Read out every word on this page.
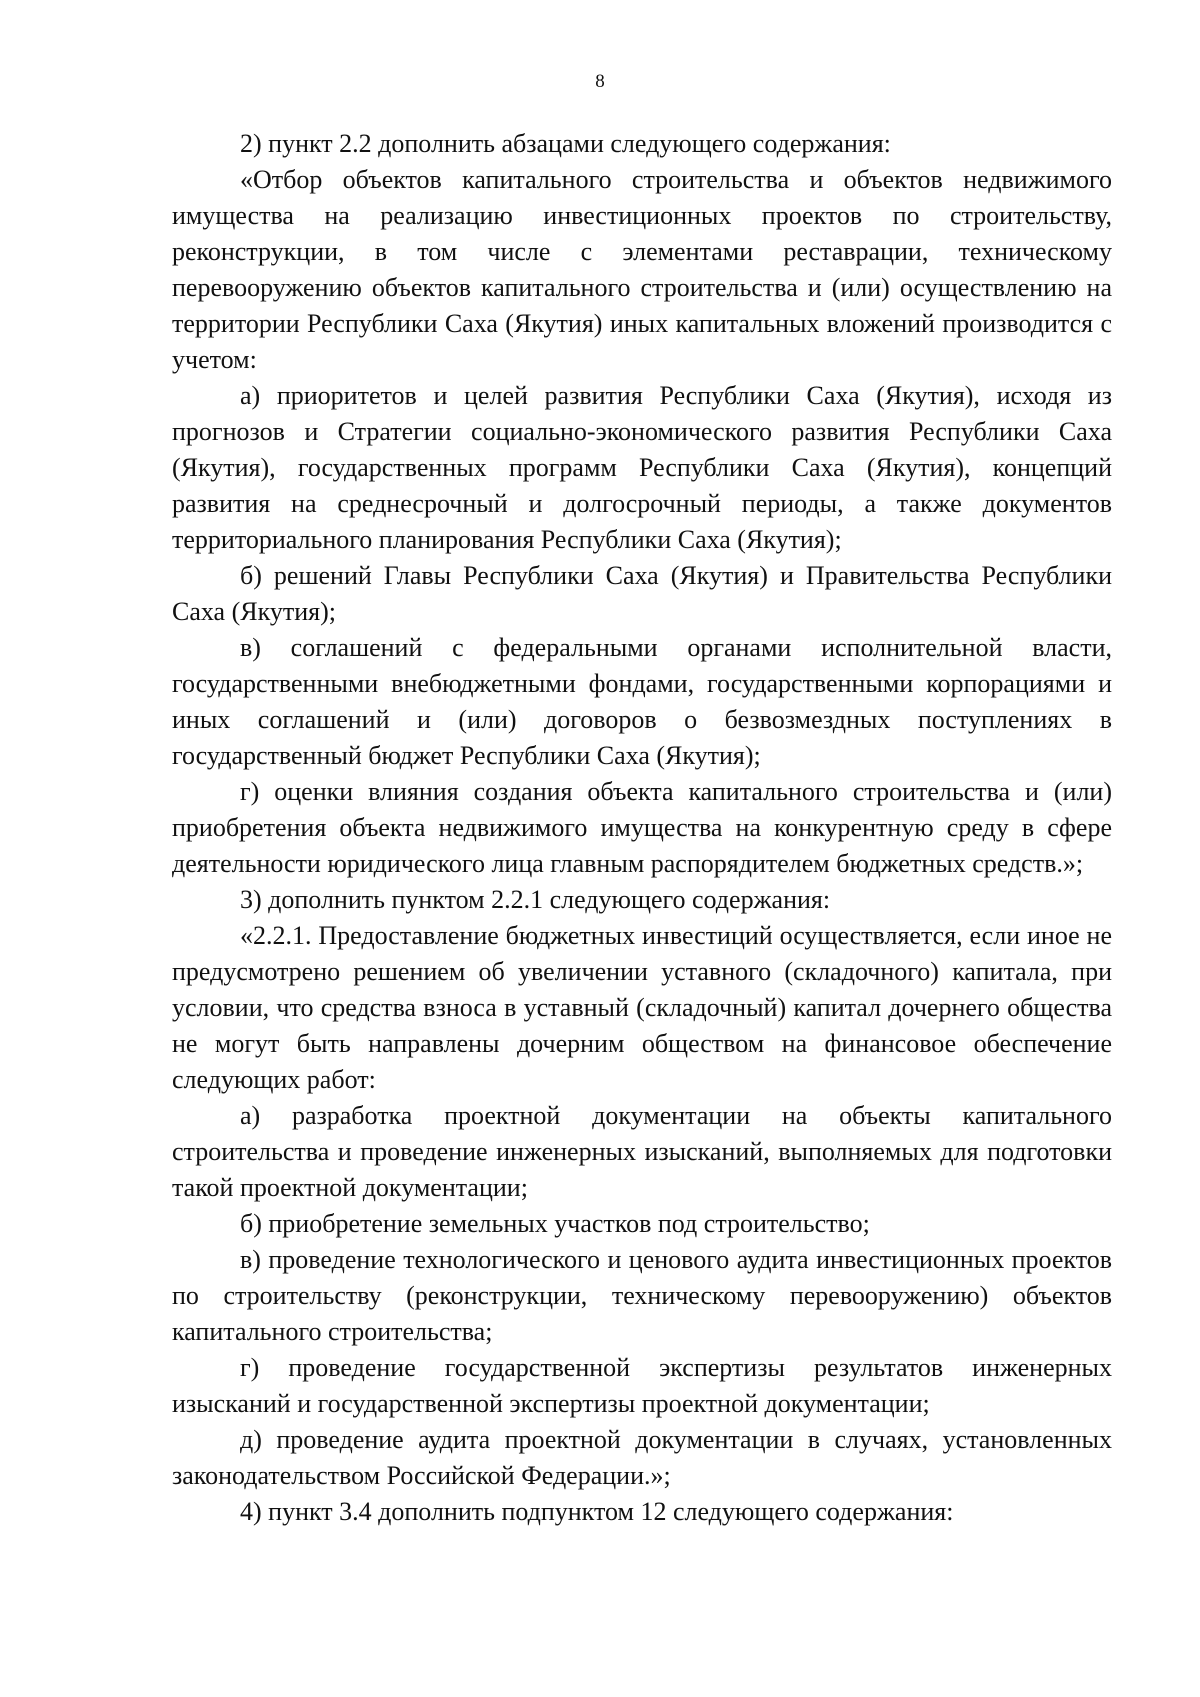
8

2) пункт 2.2 дополнить абзацами следующего содержания:

«Отбор объектов капитального строительства и объектов недвижимого имущества на реализацию инвестиционных проектов по строительству, реконструкции, в том числе с элементами реставрации, техническому перевооружению объектов капитального строительства и (или) осуществлению на территории Республики Саха (Якутия) иных капитальных вложений производится с учетом:

а) приоритетов и целей развития Республики Саха (Якутия), исходя из прогнозов и Стратегии социально-экономического развития Республики Саха (Якутия), государственных программ Республики Саха (Якутия), концепций развития на среднесрочный и долгосрочный периоды, а также документов территориального планирования Республики Саха (Якутия);

б) решений Главы Республики Саха (Якутия) и Правительства Республики Саха (Якутия);

в) соглашений с федеральными органами исполнительной власти, государственными внебюджетными фондами, государственными корпорациями и иных соглашений и (или) договоров о безвозмездных поступлениях в государственный бюджет Республики Саха (Якутия);

г) оценки влияния создания объекта капитального строительства и (или) приобретения объекта недвижимого имущества на конкурентную среду в сфере деятельности юридического лица главным распорядителем бюджетных средств.»;

3) дополнить пунктом 2.2.1 следующего содержания:

«2.2.1. Предоставление бюджетных инвестиций осуществляется, если иное не предусмотрено решением об увеличении уставного (складочного) капитала, при условии, что средства взноса в уставный (складочный) капитал дочернего общества не могут быть направлены дочерним обществом на финансовое обеспечение следующих работ:

а) разработка проектной документации на объекты капитального строительства и проведение инженерных изысканий, выполняемых для подготовки такой проектной документации;

б) приобретение земельных участков под строительство;

в) проведение технологического и ценового аудита инвестиционных проектов по строительству (реконструкции, техническому перевооружению) объектов капитального строительства;

г) проведение государственной экспертизы результатов инженерных изысканий и государственной экспертизы проектной документации;

д) проведение аудита проектной документации в случаях, установленных законодательством Российской Федерации.»;

4) пункт 3.4 дополнить подпунктом 12 следующего содержания:
